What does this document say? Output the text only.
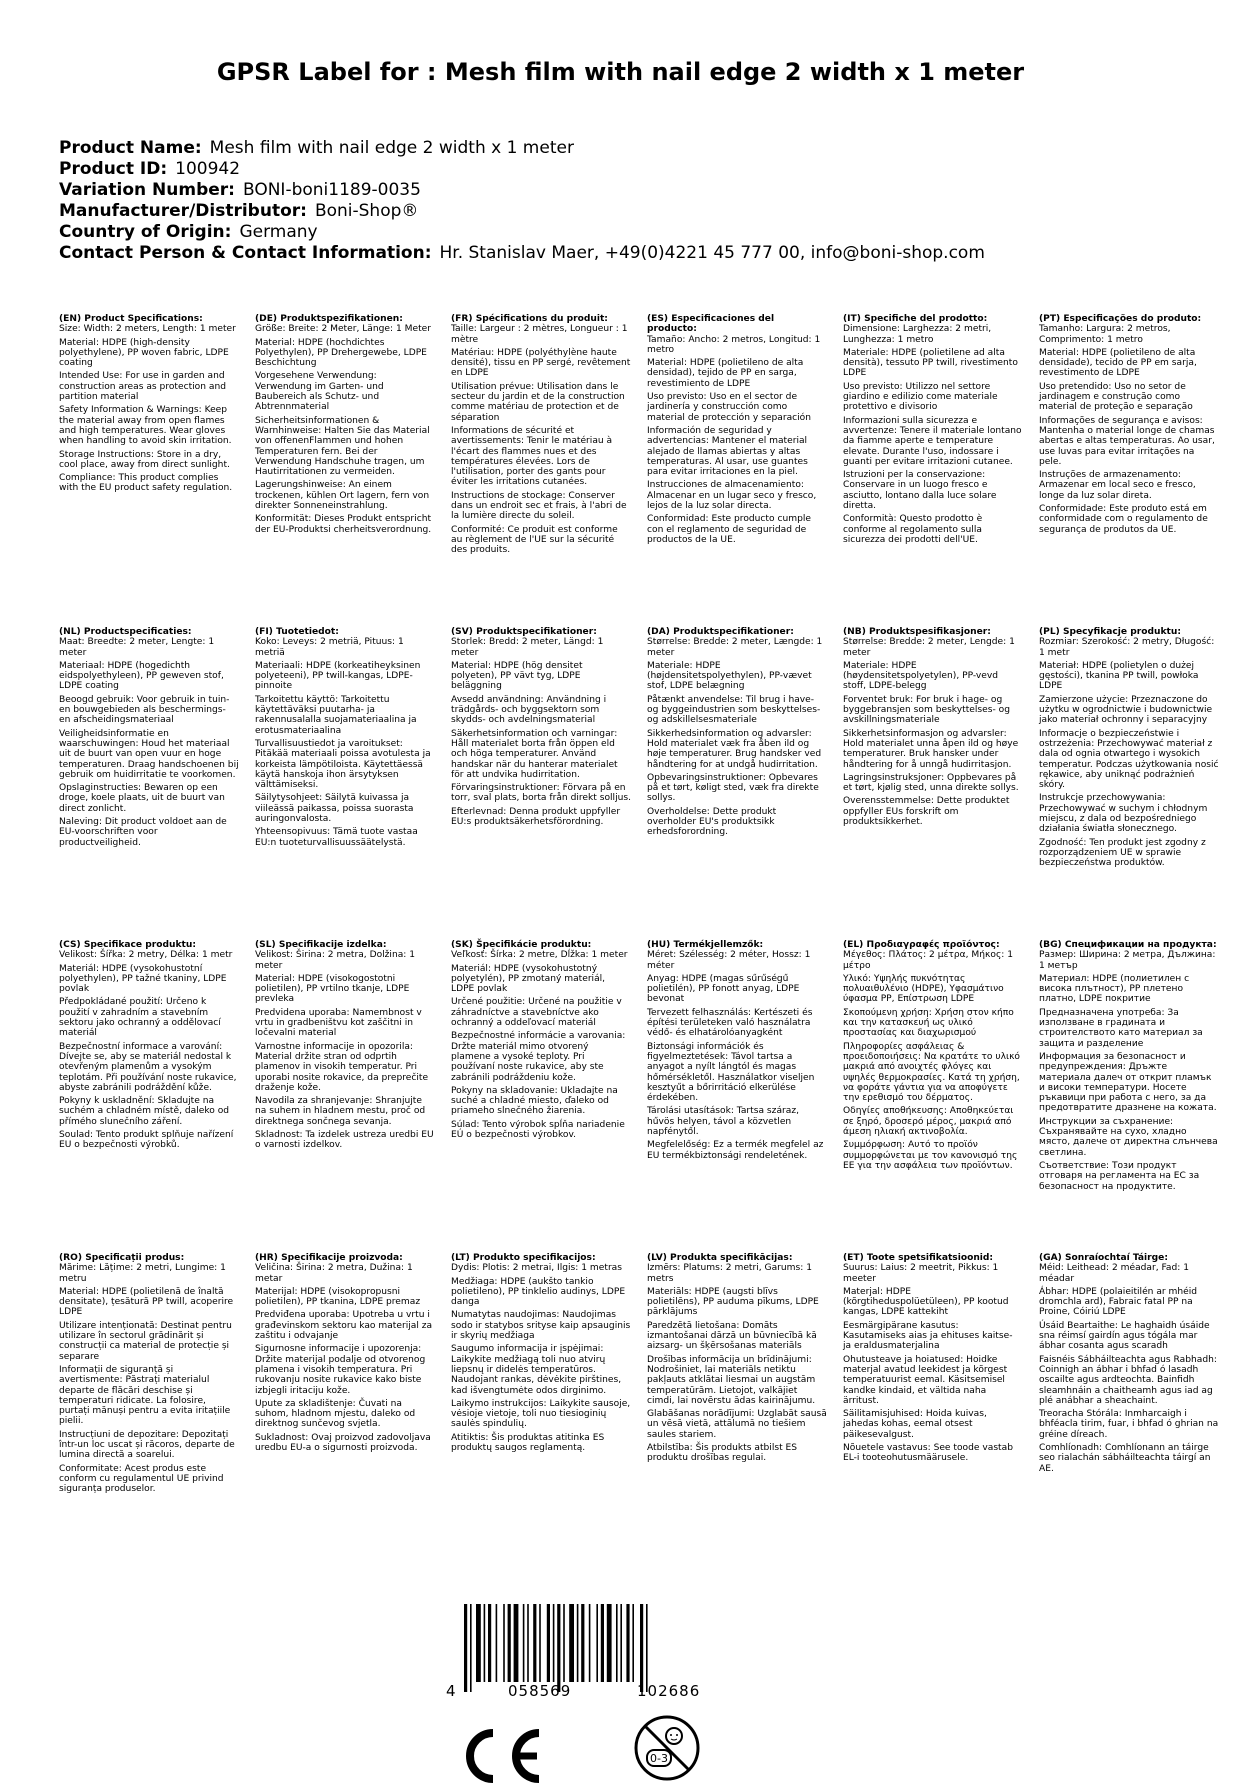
GPSR Label for : Mesh film with nail edge 2 width x 1 meter
Product Name: Mesh film with nail edge 2 width x 1 meter
Product ID: 100942
Variation Number: BONI-boni1189-0035
Manufacturer/Distributor: Boni-Shop®
Country of Origin: Germany
Contact Person & Contact Information: Hr. Stanislav Maer, +49(0)4221 45 777 00, info@boni-shop.com
(EN) Product Specifications:

Size: Width: 2 meters, Length: 1 meter

Material: HDPE (high-density polyethylene), PP woven fabric, LDPE coating

Intended Use: For use in garden and construction areas as protection and partition material

Safety Information & Warnings: Keep the material away from open flames and high temperatures. Wear gloves when handling to avoid skin irritation.

Storage Instructions: Store in a dry, cool place, away from direct sunlight.

Compliance: This product complies with the EU product safety regulation.

(DE) Produktspezifikationen:

Größe: Breite: 2 Meter, Länge: 1 Meter

Material: HDPE (hochdichtes Polyethylen), PP Drehergewebe, LDPE Beschichtung

Vorgesehene Verwendung: Verwendung im Garten- und Baubereich als Schutz- und Abtrennmaterial

Sicherheitsinformationen & Warnhinweise: Halten Sie das Material von offenenFlammen und hohen Temperaturen fern. Bei der Verwendung Handschuhe tragen, um Hautirritationen zu vermeiden.

Lagerungshinweise: An einem trockenen, kühlen Ort lagern, fern von direkter Sonneneinstrahlung.

Konformität: Dieses Produkt entspricht der EU-Produktsi cherheitsverordnung.

(FR) Spécifications du produit:

Taille: Largeur : 2 mètres, Longueur : 1 mètre

Matériau: HDPE (polyéthylène haute densité), tissu en PP sergé, revêtement en LDPE

Utilisation prévue: Utilisation dans le secteur du jardin et de la construction comme matériau de protection et de séparation

Informations de sécurité et avertissements: Tenir le matériau à l'écart des flammes nues et des températures élevées. Lors de l'utilisation, porter des gants pour éviter les irritations cutanées.

Instructions de stockage: Conserver dans un endroit sec et frais, à l'abri de la lumière directe du soleil.

Conformité: Ce produit est conforme au règlement de l'UE sur la sécurité des produits.

(ES) Especificaciones del producto:

Tamaño: Ancho: 2 metros, Longitud: 1 metro

Material: HDPE (polietileno de alta densidad), tejido de PP en sarga, revestimiento de LDPE

Uso previsto: Uso en el sector de jardinería y construcción como material de protección y separación

Información de seguridad y advertencias: Mantener el material alejado de llamas abiertas y altas temperaturas. Al usar, use guantes para evitar irritaciones en la piel.

Instrucciones de almacenamiento: Almacenar en un lugar seco y fresco, lejos de la luz solar directa.

Conformidad: Este producto cumple con el reglamento de seguridad de productos de la UE.

(IT) Specifiche del prodotto:

Dimensione: Larghezza: 2 metri, Lunghezza: 1 metro

Materiale: HDPE (polietilene ad alta densità), tessuto PP twill, rivestimento LDPE

Uso previsto: Utilizzo nel settore giardino e edilizio come materiale protettivo e divisorio

Informazioni sulla sicurezza e avvertenze: Tenere il materiale lontano da fiamme aperte e temperature elevate. Durante l'uso, indossare i guanti per evitare irritazioni cutanee.

Istruzioni per la conservazione: Conservare in un luogo fresco e asciutto, lontano dalla luce solare diretta.

Conformità: Questo prodotto è conforme al regolamento sulla sicurezza dei prodotti dell'UE.

(PT) Especificações do produto:

Tamanho: Largura: 2 metros, Comprimento: 1 metro

Material: HDPE (polietileno de alta densidade), tecido de PP em sarja, revestimento de LDPE

Uso pretendido: Uso no setor de jardinagem e construção como material de proteção e separação

Informações de segurança e avisos: Mantenha o material longe de chamas abertas e altas temperaturas. Ao usar, use luvas para evitar irritações na pele.

Instruções de armazenamento: Armazenar em local seco e fresco, longe da luz solar direta.

Conformidade: Este produto está em conformidade com o regulamento de segurança de produtos da UE.

(NL) Productspecificaties:

Maat: Breedte: 2 meter, Lengte: 1 meter

Materiaal: HDPE (hogedichth eidspolyethyleen), PP geweven stof, LDPE coating

Beoogd gebruik: Voor gebruik in tuin- en bouwgebieden als beschermings- en afscheidingsmateriaal

Veiligheidsinformatie en waarschuwingen: Houd het materiaal uit de buurt van open vuur en hoge temperaturen. Draag handschoenen bij gebruik om huidirritatie te voorkomen.

Opslaginstructies: Bewaren op een droge, koele plaats, uit de buurt van direct zonlicht.

Naleving: Dit product voldoet aan de EU-voorschriften voor productveiligheid.

(FI) Tuotetiedot:

Koko: Leveys: 2 metriä, Pituus: 1 metriä

Materiaali: HDPE (korkeatiheyksinen polyeteeni), PP twill-kangas, LDPE-pinnoite

Tarkoitettu käyttö: Tarkoitettu käytettäväksi puutarha- ja rakennusalalla suojamateriaalina ja erotusmateriaalina

Turvallisuustiedot ja varoitukset: Pitäkää materiaali poissa avotulesta ja korkeista lämpötiloista. Käytettäessä käytä hanskoja ihon ärsytyksen välttämiseksi.

Säilytysohjeet: Säilytä kuivassa ja viileässä paikassa, poissa suorasta auringonvalosta.

Yhteensopivuus: Tämä tuote vastaa EU:n tuoteturvallisuussäätelystä.

(SV) Produktspecifikationer:

Storlek: Bredd: 2 meter, Längd: 1 meter

Material: HDPE (hög densitet polyeten), PP vävt tyg, LDPE beläggning

Avsedd användning: Användning i trädgårds- och byggsektorn som skydds- och avdelningsmaterial

Säkerhetsinformation och varningar: Håll materialet borta från öppen eld och höga temperaturer. Använd handskar när du hanterar materialet för att undvika hudirritation.

Förvaringsinstruktioner: Förvara på en torr, sval plats, borta från direkt solljus.

Efterlevnad: Denna produkt uppfyller EU:s produktsäkerhetsförordning.

(DA) Produktspecifikationer:

Størrelse: Bredde: 2 meter, Længde: 1 meter

Materiale: HDPE (højdensitetspolyethylen), PP-vævet stof, LDPE belægning

Påtænkt anvendelse: Til brug i have- og byggeindustrien som beskyttelses- og adskillelsesmateriale

Sikkerhedsinformation og advarsler: Hold materialet væk fra åben ild og høje temperaturer. Brug handsker ved håndtering for at undgå hudirritation.

Opbevaringsinstruktioner: Opbevares på et tørt, køligt sted, væk fra direkte sollys.

Overholdelse: Dette produkt overholder EU's produktsikk erhedsforordning.

(NB) Produktspesifikasjoner:

Størrelse: Bredde: 2 meter, Lengde: 1 meter

Materiale: HDPE (høydensitetspolyetylen), PP-vevd stoff, LDPE-belegg

Forventet bruk: For bruk i hage- og byggebransjen som beskyttelses- og avskillningsmateriale

Sikkerhetsinformasjon og advarsler: Hold materialet unna åpen ild og høye temperaturer. Bruk hansker under håndtering for å unngå hudirritasjon.

Lagringsinstruksjoner: Oppbevares på et tørt, kjølig sted, unna direkte sollys.

Overensstemmelse: Dette produktet oppfyller EUs forskrift om produktsikkerhet.

(PL) Specyfikacje produktu:

Rozmiar: Szerokość: 2 metry, Długość: 1 metr

Materiał: HDPE (polietylen o dużej gęstości), tkanina PP twill, powłoka LDPE

Zamierzone użycie: Przeznaczone do użytku w ogrodnictwie i budownictwie jako materiał ochronny i separacyjny

Informacje o bezpieczeństwie i ostrzeżenia: Przechowywać materiał z dala od ognia otwartego i wysokich temperatur. Podczas użytkowania nosić rękawice, aby uniknąć podrażnień skóry.

Instrukcje przechowywania: Przechowywać w suchym i chłodnym miejscu, z dala od bezpośredniego działania światła słonecznego.

Zgodność: Ten produkt jest zgodny z rozporządzeniem UE w sprawie bezpieczeństwa produktów.

(CS) Specifikace produktu:

Velikost: Šířka: 2 metry, Délka: 1 metr

Materiál: HDPE (vysokohustotní polyethylen), PP tažné tkaniny, LDPE povlak

Předpokládané použití: Určeno k použití v zahradním a stavebním sektoru jako ochranný a oddělovací materiál

Bezpečnostní informace a varování: Dívejte se, aby se materiál nedostal k otevřeným plamenům a vysokým teplotám. Při používání noste rukavice, abyste zabránili podráždění kůže.

Pokyny k uskladnění: Skladujte na suchém a chladném místě, daleko od přímého slunečního záření.

Soulad: Tento produkt splňuje nařízení EU o bezpečnosti výrobků.

(SL) Specifikacije izdelka:

Velikost: Širina: 2 metra, Dolžina: 1 meter

Material: HDPE (visokogostotni polietilen), PP vrtilno tkanje, LDPE prevleka

Predvidena uporaba: Namembnost v vrtu in gradbeništvu kot zaščitni in ločevalni material

Varnostne informacije in opozorila: Material držite stran od odprtih plamenov in visokih temperatur. Pri uporabi nosite rokavice, da preprečite draženje kože.

Navodila za shranjevanje: Shranjujte na suhem in hladnem mestu, proč od direktnega sončnega sevanja.

Skladnost: Ta izdelek ustreza uredbi EU o varnosti izdelkov.

(SK) Špecifikácie produktu:

Veľkosť: Šírka: 2 metre, Dĺžka: 1 meter

Materiál: HDPE (vysokohustotný polyetylén), PP zmotaný materiál, LDPE povlak

Určené použitie: Určené na použitie v záhradníctve a stavebníctve ako ochranný a oddeľovací materiál

Bezpečnostné informácie a varovania: Držte materiál mimo otvorený plamene a vysoké teploty. Pri používaní noste rukavice, aby ste zabránili podráždeniu kože.

Pokyny na skladovanie: Ukladajte na suché a chladné miesto, ďaleko od priameho slnečného žiarenia.

Súlad: Tento výrobok spĺňa nariadenie EÚ o bezpečnosti výrobkov.

(HU) Termékjellemzők:

Méret: Szélesség: 2 méter, Hossz: 1 méter

Anyag: HDPE (magas sűrűségű polietilén), PP fonott anyag, LDPE bevonat

Tervezett felhasználás: Kertészeti és építési területeken való használatra védő- és elhatárolóanyagként

Biztonsági információk és figyelmeztetések: Távol tartsa a anyagot a nyílt lángtól és magas hőmérsékletől. Használatkor viseljen kesztyűt a bőrirritáció elkerülése érdekében.

Tárolási utasítások: Tartsa száraz, hűvös helyen, távol a közvetlen napfénytől.

Megfelelőség: Ez a termék megfelel az EU termékbiztonsági rendeletének.

(EL) Προδιαγραφές προϊόντος:

Μέγεθος: Πλάτος: 2 μέτρα, Μήκος: 1 μέτρο

Υλικό: Υψηλής πυκνότητας πολυαιθυλένιο (HDPE), Υφασμάτινο ύφασμα PP, Επίστρωση LDPE

Σκοπούμενη χρήση: Χρήση στον κήπο και την κατασκευή ως υλικό προστασίας και διαχωρισμού

Πληροφορίες ασφάλειας & προειδοποιήσεις: Να κρατάτε το υλικό μακριά από ανοιχτές φλόγες και υψηλές θερμοκρασίες. Κατά τη χρήση, να φοράτε γάντια για να αποφύγετε την ερεθισμό του δέρματος.

Οδηγίες αποθήκευσης: Αποθηκεύεται σε ξηρό, δροσερό μέρος, μακριά από άμεση ηλιακή ακτινοβολία.

Συμμόρφωση: Αυτό το προϊόν συμμορφώνεται με τον κανονισμό της ΕΕ για την ασφάλεια των προϊόντων.

(BG) Спецификации на продукта:

Размер: Ширина: 2 метра, Дължина: 1 метър

Материал: HDPE (полиетилен с висока плътност), PP плетено платно, LDPE покритие

Предназначена употреба: За използване в градината и строителството като материал за защита и разделение

Информация за безопасност и предупреждения: Дръжте материала далеч от открит пламък и високи температури. Носете ръкавици при работа с него, за да предотвратите дразнене на кожата.

Инструкции за съхранение: Съхранявайте на сухо, хладно място, далече от директна слънчева светлина.

Съответствие: Този продукт отговаря на регламента на ЕС за безопасност на продуктите.

(RO) Specificații produs:

Mărime: Lățime: 2 metri, Lungime: 1 metru

Material: HDPE (polietilenă de înaltă densitate), țesătură PP twill, acoperire LDPE

Utilizare intenționată: Destinat pentru utilizare în sectorul grădinărit și construcții ca material de protecție și separare

Informații de siguranță și avertismente: Păstrați materialul departe de flăcări deschise și temperaturi ridicate. La folosire, purtați mănuși pentru a evita iritațiile pielii.

Instrucțiuni de depozitare: Depozitați într-un loc uscat și răcoros, departe de lumina directă a soarelui.

Conformitate: Acest produs este conform cu regulamentul UE privind siguranța produselor.

(HR) Specifikacije proizvoda:

Veličina: Širina: 2 metra, Dužina: 1 metar

Materijal: HDPE (visokopropusni polietilen), PP tkanina, LDPE premaz

Predviđena uporaba: Upotreba u vrtu i građevinskom sektoru kao materijal za zaštitu i odvajanje

Sigurnosne informacije i upozorenja: Držite materijal podalje od otvorenog plamena i visokih temperatura. Pri rukovanju nosite rukavice kako biste izbjegli iritaciju kože.

Upute za skladištenje: Čuvati na suhom, hladnom mjestu, daleko od direktnog sunčevog svjetla.

Sukladnost: Ovaj proizvod zadovoljava uredbu EU-a o sigurnosti proizvoda.

(LT) Produkto specifikacijos:

Dydis: Plotis: 2 metrai, Ilgis: 1 metras

Medžiaga: HDPE (aukšto tankio polietileno), PP tinklelio audinys, LDPE danga

Numatytas naudojimas: Naudojimas sodo ir statybos srityse kaip apsauginis ir skyrių medžiaga

Saugumo informacija ir įspėjimai: Laikykite medžiagą toli nuo atvirų liepsnų ir didelės temperatūros. Naudojant rankas, dėvėkite pirštines, kad išvengtumėte odos dirginimo.

Laikymo instrukcijos: Laikykite sausoje, vėsioje vietoje, toli nuo tiesioginių saulės spindulių.

Atitiktis: Šis produktas atitinka ES produktų saugos reglamentą.

(LV) Produkta specifikācijas:

Izmērs: Platums: 2 metri, Garums: 1 metrs

Materiāls: HDPE (augsti blīvs polietilēns), PP auduma pīkums, LDPE pārklājums

Paredzētā lietošana: Domāts izmantošanai dārzā un būvniecībā kā aizsarg- un šķērsošanas materiāls

Drošības informācija un brīdinājumi: Nodrošiniet, lai materiāls netiktu pakļauts atklātai liesmai un augstām temperatūrām. Lietojot, valkājiet cimdi, lai novērstu ādas kairinājumu.

Glabāšanas norādījumi: Uzglabāt sausā un vēsā vietā, attālumā no tiešiem saules stariem.

Atbilstība: Šis produkts atbilst ES produktu drošības regulai.

(ET) Toote spetsifikatsioonid:

Suurus: Laius: 2 meetrit, Pikkus: 1 meeter

Materjal: HDPE (kõrgtiheduspolüetüleen), PP kootud kangas, LDPE kattekiht

Eesmärgipärane kasutus: Kasutamiseks aias ja ehituses kaitse- ja eraldusmaterjalina

Ohutusteave ja hoiatused: Hoidke materjal avatud leekidest ja kõrgest temperatuurist eemal. Käsitsemisel kandke kindaid, et vältida naha ärritust.

Säilitamisjuhised: Hoida kuivas, jahedas kohas, eemal otsest päikesevalgust.

Nõuetele vastavus: See toode vastab EL-i tooteohutusmäärusele.

(GA) Sonraíochtaí Táirge:

Méid: Leithead: 2 méadar, Fad: 1 méadar

Ábhar: HDPE (polaieitilén ar mhéid dromchla ard), Fabraic fatal PP na Proine, Cóiriú LDPE

Úsáid Beartaithe: Le haghaidh úsáide sna réimsí gairdín agus tógála mar ábhar cosanta agus scaradh

Faisnéis Sábháilteachta agus Rabhadh: Coinnigh an ábhar i bhfad ó lasadh oscailte agus ardteochta. Bainfidh sleamhnáin a chaitheamh agus iad ag plé anábhar a sheachaint.

Treoracha Stórála: Inmharcaigh i bhféacla tirim, fuar, i bhfad ó ghrian na gréine díreach.

Comhlíonadh: Comhlíonann an táirge seo rialachán sábháilteachta táirgí an AE.

4	058569	102686
0-3
